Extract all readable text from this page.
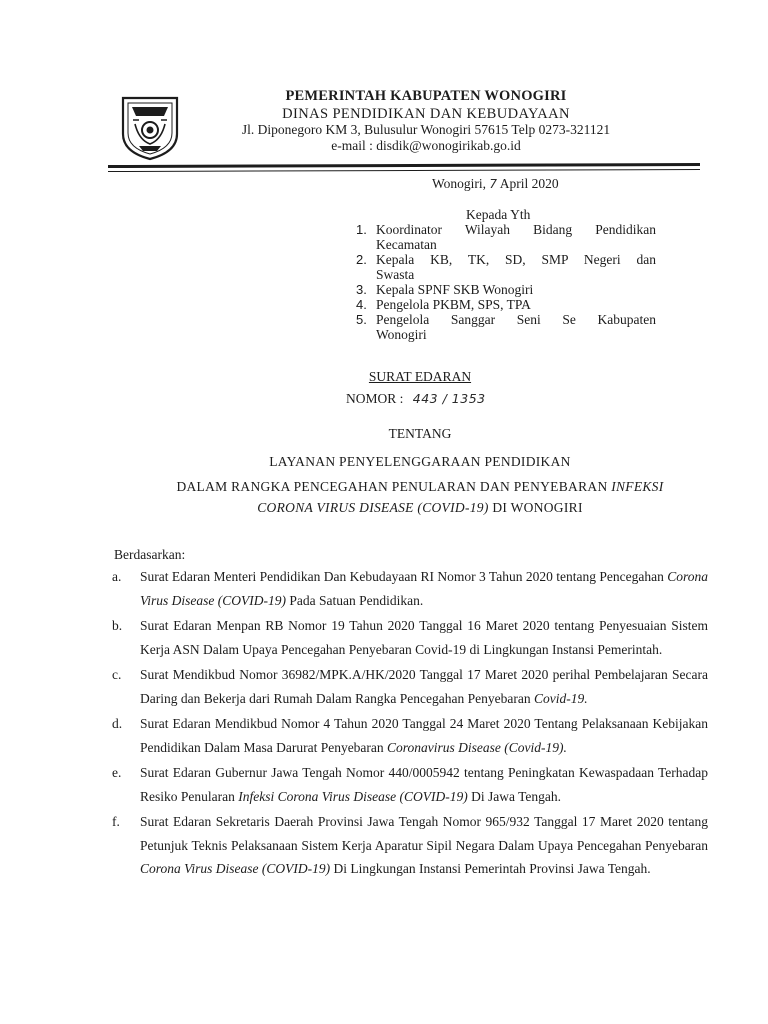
PEMERINTAH KABUPATEN WONOGIRI
DINAS PENDIDIKAN DAN KEBUDAYAAN
Jl. Diponegoro KM 3, Bulusulur Wonogiri 57615 Telp 0273-321121
e-mail : disdik@wonogirikab.go.id
Wonogiri, 7 April 2020
Kepada Yth
1. Koordinator Wilayah Bidang Pendidikan
Kecamatan
2. Kepala KB, TK, SD, SMP Negeri dan
Swasta
3. Kepala SPNF SKB Wonogiri
4. Pengelola PKBM, SPS, TPA
5. Pengelola Sanggar Seni Se Kabupaten
Wonogiri
SURAT EDARAN
NOMOR : 443 / 1353
TENTANG
LAYANAN PENYELENGGARAAN PENDIDIKAN
DALAM RANGKA PENCEGAHAN PENULARAN DAN PENYEBARAN INFEKSI
CORONA VIRUS DISEASE (COVID-19) DI WONOGIRI
Berdasarkan:
a.	Surat Edaran Menteri Pendidikan Dan Kebudayaan RI Nomor 3 Tahun 2020 tentang Pencegahan Corona Virus Disease (COVID-19) Pada Satuan Pendidikan.
b.	Surat Edaran Menpan RB Nomor 19 Tahun 2020 Tanggal 16 Maret 2020 tentang Penyesuaian Sistem Kerja ASN Dalam Upaya Pencegahan Penyebaran Covid-19 di Lingkungan Instansi Pemerintah.
c.	Surat Mendikbud Nomor 36982/MPK.A/HK/2020 Tanggal 17 Maret 2020 perihal Pembelajaran Secara Daring dan Bekerja dari Rumah Dalam Rangka Pencegahan Penyebaran Covid-19.
d.	Surat Edaran Mendikbud Nomor 4 Tahun 2020 Tanggal 24 Maret 2020 Tentang Pelaksanaan Kebijakan Pendidikan Dalam Masa Darurat Penyebaran Coronavirus Disease (Covid-19).
e.	Surat Edaran Gubernur Jawa Tengah Nomor 440/0005942 tentang Peningkatan Kewaspadaan Terhadap Resiko Penularan Infeksi Corona Virus Disease (COVID-19) Di Jawa Tengah.
f.	Surat Edaran Sekretaris Daerah Provinsi Jawa Tengah Nomor 965/932 Tanggal 17 Maret 2020 tentang Petunjuk Teknis Pelaksanaan Sistem Kerja Aparatur Sipil Negara Dalam Upaya Pencegahan Penyebaran Corona Virus Disease (COVID-19) Di Lingkungan Instansi Pemerintah Provinsi Jawa Tengah.
